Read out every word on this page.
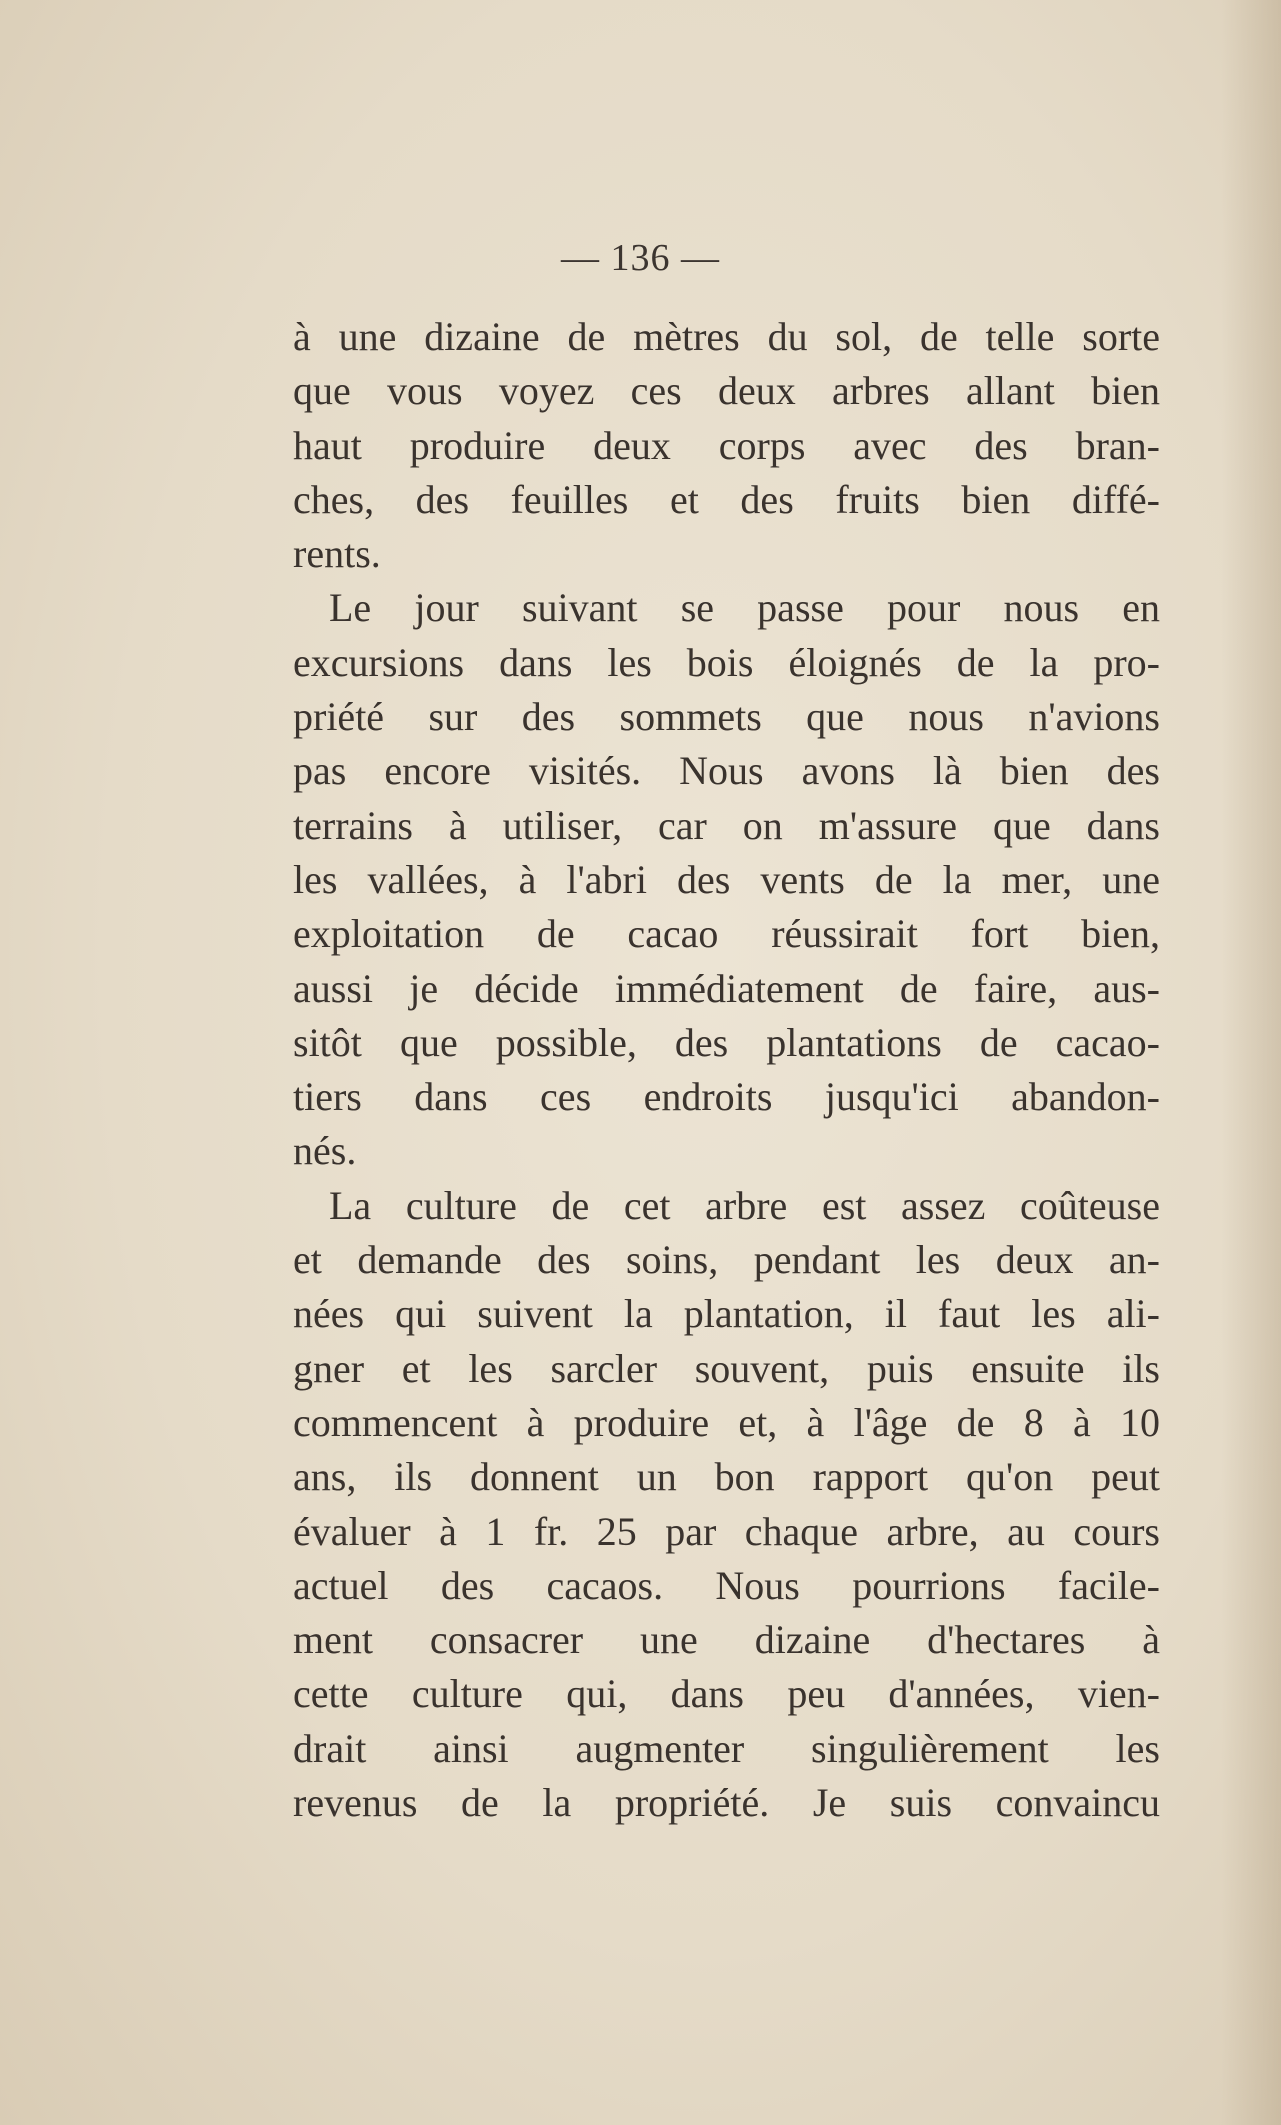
— 136 —
à une dizaine de mètres du sol, de telle sorte
que vous voyez ces deux arbres allant bien
haut produire deux corps avec des bran-
ches, des feuilles et des fruits bien diffé-
rents.
Le jour suivant se passe pour nous en
excursions dans les bois éloignés de la pro-
priété sur des sommets que nous n'avions
pas encore visités. Nous avons là bien des
terrains à utiliser, car on m'assure que dans
les vallées, à l'abri des vents de la mer, une
exploitation de cacao réussirait fort bien,
aussi je décide immédiatement de faire, aus-
sitôt que possible, des plantations de cacao-
tiers dans ces endroits jusqu'ici abandon-
nés.
La culture de cet arbre est assez coûteuse
et demande des soins, pendant les deux an-
nées qui suivent la plantation, il faut les ali-
gner et les sarcler souvent, puis ensuite ils
commencent à produire et, à l'âge de 8 à 10
ans, ils donnent un bon rapport qu'on peut
évaluer à 1 fr. 25 par chaque arbre, au cours
actuel des cacaos. Nous pourrions facile-
ment consacrer une dizaine d'hectares à
cette culture qui, dans peu d'années, vien-
drait ainsi augmenter singulièrement les
revenus de la propriété. Je suis convaincu
